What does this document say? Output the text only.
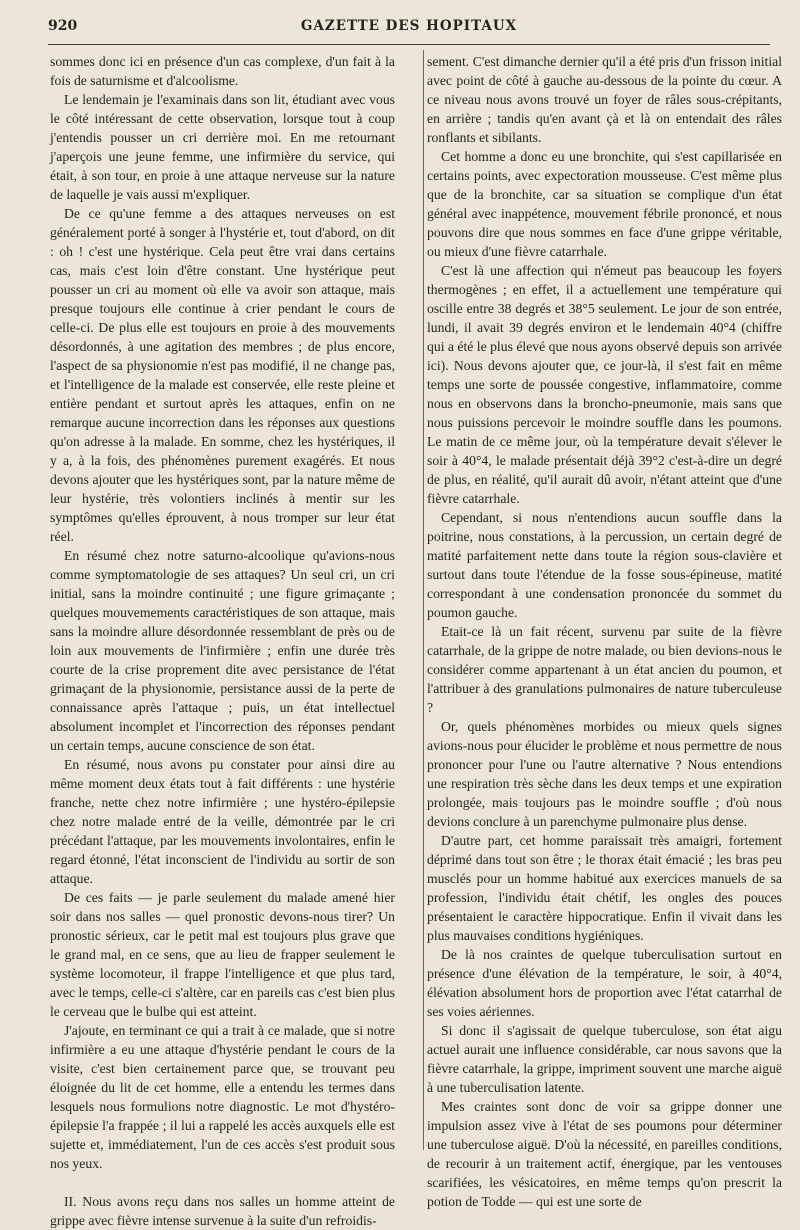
920	GAZETTE DES HOPITAUX

sommes donc ici en présence d'un cas complexe, d'un fait à la fois de saturnisme et d'alcoolisme.

Le lendemain je l'examinais dans son lit, étudiant avec vous le côté intéressant de cette observation, lorsque tout à coup j'entendis pousser un cri derrière moi. En me retournant j'aperçois une jeune femme, une infirmière du service, qui était, à son tour, en proie à une attaque nerveuse sur la nature de laquelle je vais aussi m'expliquer.

De ce qu'une femme a des attaques nerveuses on est généralement porté à songer à l'hystérie et, tout d'abord, on dit : oh ! c'est une hystérique. Cela peut être vrai dans certains cas, mais c'est loin d'être constant. Une hystérique peut pousser un cri au moment où elle va avoir son attaque, mais presque toujours elle continue à crier pendant le cours de celle-ci. De plus elle est toujours en proie à des mouvements désordonnés, à une agitation des membres ; de plus encore, l'aspect de sa physionomie n'est pas modifié, il ne change pas, et l'intelligence de la malade est conservée, elle reste pleine et entière pendant et surtout après les attaques, enfin on ne remarque aucune incorrection dans les réponses aux questions qu'on adresse à la malade. En somme, chez les hystériques, il y a, à la fois, des phénomènes purement exagérés. Et nous devons ajouter que les hystériques sont, par la nature même de leur hystérie, très volontiers inclinés à mentir sur les symptômes qu'elles éprouvent, à nous tromper sur leur état réel.

En résumé chez notre saturno-alcoolique qu'avions-nous comme symptomatologie de ses attaques? Un seul cri, un cri initial, sans la moindre continuité ; une figure grimaçante ; quelques mouvemements caractéristiques de son attaque, mais sans la moindre allure désordonnée ressemblant de près ou de loin aux mouvements de l'infirmière ; enfin une durée très courte de la crise proprement dite avec persistance de l'état grimaçant de la physionomie, persistance aussi de la perte de connaissance après l'attaque ; puis, un état intellectuel absolument incomplet et l'incorrection des réponses pendant un certain temps, aucune conscience de son état.

En résumé, nous avons pu constater pour ainsi dire au même moment deux états tout à fait différents : une hystérie franche, nette chez notre infirmière ; une hystéro-épilepsie chez notre malade entré de la veille, démontrée par le cri précédant l'attaque, par les mouvements involontaires, enfin le regard étonné, l'état inconscient de l'individu au sortir de son attaque.

De ces faits — je parle seulement du malade amené hier soir dans nos salles — quel pronostic devons-nous tirer? Un pronostic sérieux, car le petit mal est toujours plus grave que le grand mal, en ce sens, que au lieu de frapper seulement le système locomoteur, il frappe l'intelligence et que plus tard, avec le temps, celle-ci s'altère, car en pareils cas c'est bien plus le cerveau que le bulbe qui est atteint.

J'ajoute, en terminant ce qui a trait à ce malade, que si notre infirmière a eu une attaque d'hystérie pendant le cours de la visite, c'est bien certainement parce que, se trouvant peu éloignée du lit de cet homme, elle a entendu les termes dans lesquels nous formulions notre diagnostic. Le mot d'hystéro-épilepsie l'a frappée ; il lui a rappelé les accès auxquels elle est sujette et, immédiatement, l'un de ces accès s'est produit sous nos yeux.

II. Nous avons reçu dans nos salles un homme atteint de grippe avec fièvre intense survenue à la suite d'un refroidis-

sement. C'est dimanche dernier qu'il a été pris d'un frisson initial avec point de côté à gauche au-dessous de la pointe du cœur. A ce niveau nous avons trouvé un foyer de râles sous-crépitants, en arrière ; tandis qu'en avant çà et là on entendait des râles ronflants et sibilants.

Cet homme a donc eu une bronchite, qui s'est capillarisée en certains points, avec expectoration mousseuse. C'est même plus que de la bronchite, car sa situation se complique d'un état général avec inappétence, mouvement fébrile prononcé, et nous pouvons dire que nous sommes en face d'une grippe véritable, ou mieux d'une fièvre catarrhale.

C'est là une affection qui n'émeut pas beaucoup les foyers thermogènes ; en effet, il a actuellement une température qui oscille entre 38 degrés et 38°5 seulement. Le jour de son entrée, lundi, il avait 39 degrés environ et le lendemain 40°4 (chiffre qui a été le plus élevé que nous ayons observé depuis son arrivée ici). Nous devons ajouter que, ce jour-là, il s'est fait en même temps une sorte de poussée congestive, inflammatoire, comme nous en observons dans la broncho-pneumonie, mais sans que nous puissions percevoir le moindre souffle dans les poumons. Le matin de ce même jour, où la température devait s'élever le soir à 40°4, le malade présentait déjà 39°2 c'est-à-dire un degré de plus, en réalité, qu'il aurait dû avoir, n'étant atteint que d'une fièvre catarrhale.

Cependant, si nous n'entendions aucun souffle dans la poitrine, nous constations, à la percussion, un certain degré de matité parfaitement nette dans toute la région sous-clavière et surtout dans toute l'étendue de la fosse sous-épineuse, matité correspondant à une condensation prononcée du sommet du poumon gauche.

Etait-ce là un fait récent, survenu par suite de la fièvre catarrhale, de la grippe de notre malade, ou bien devions-nous le considérer comme appartenant à un état ancien du poumon, et l'attribuer à des granulations pulmonaires de nature tuberculeuse ?

Or, quels phénomènes morbides ou mieux quels signes avions-nous pour élucider le problème et nous permettre de nous prononcer pour l'une ou l'autre alternative ? Nous entendions une respiration très sèche dans les deux temps et une expiration prolongée, mais toujours pas le moindre souffle ; d'où nous devions conclure à un parenchyme pulmonaire plus dense.

D'autre part, cet homme paraissait très amaigri, fortement déprimé dans tout son être ; le thorax était émacié ; les bras peu musclés pour un homme habitué aux exercices manuels de sa profession, l'individu était chétif, les ongles des pouces présentaient le caractère hippocratique. Enfin il vivait dans les plus mauvaises conditions hygiéniques.

De là nos craintes de quelque tuberculisation surtout en présence d'une élévation de la température, le soir, à 40°4, élévation absolument hors de proportion avec l'état catarrhal de ses voies aériennes.

Si donc il s'agissait de quelque tuberculose, son état aigu actuel aurait une influence considérable, car nous savons que la fièvre catarrhale, la grippe, impriment souvent une marche aiguë à une tuberculisation latente.

Mes craintes sont donc de voir sa grippe donner une impulsion assez vive à l'état de ses poumons pour déterminer une tuberculose aiguë. D'où la nécessité, en pareilles conditions, de recourir à un traitement actif, énergique, par les ventouses scarifiées, les vésicatoires, en même temps qu'on prescrit la potion de Todde — qui est une sorte de
